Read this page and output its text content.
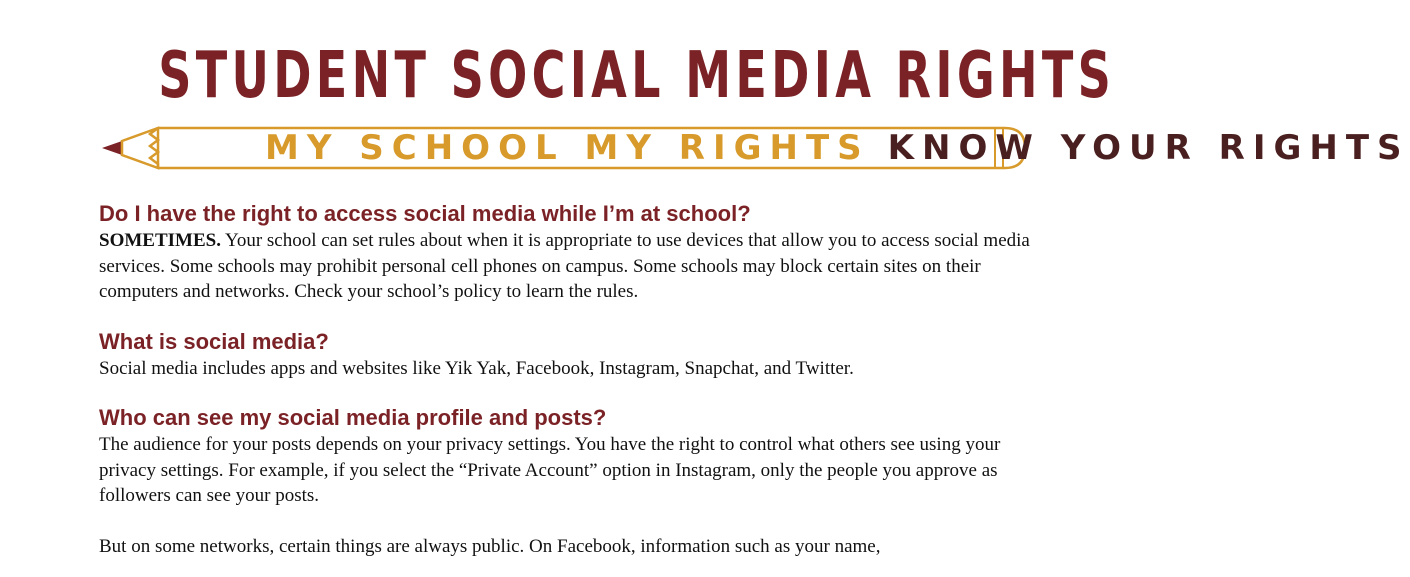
STUDENT SOCIAL MEDIA RIGHTS
MY SCHOOL MY RIGHTS KNOW YOUR RIGHTS
Do I have the right to access social media while I’m at school?

SOMETIMES. Your school can set rules about when it is appropriate to use devices that allow you to access social media services. Some schools may prohibit personal cell phones on campus. Some schools may block certain sites on their computers and networks. Check your school’s policy to learn the rules.

What is social media?

Social media includes apps and websites like Yik Yak, Facebook, Instagram, Snapchat, and Twitter.

Who can see my social media profile and posts?

The audience for your posts depends on your privacy settings. You have the right to control what others see using your privacy settings. For example, if you select the “Private Account” option in Instagram, only the people you approve as followers can see your posts.

But on some networks, certain things are always public. On Facebook, information such as your name,
